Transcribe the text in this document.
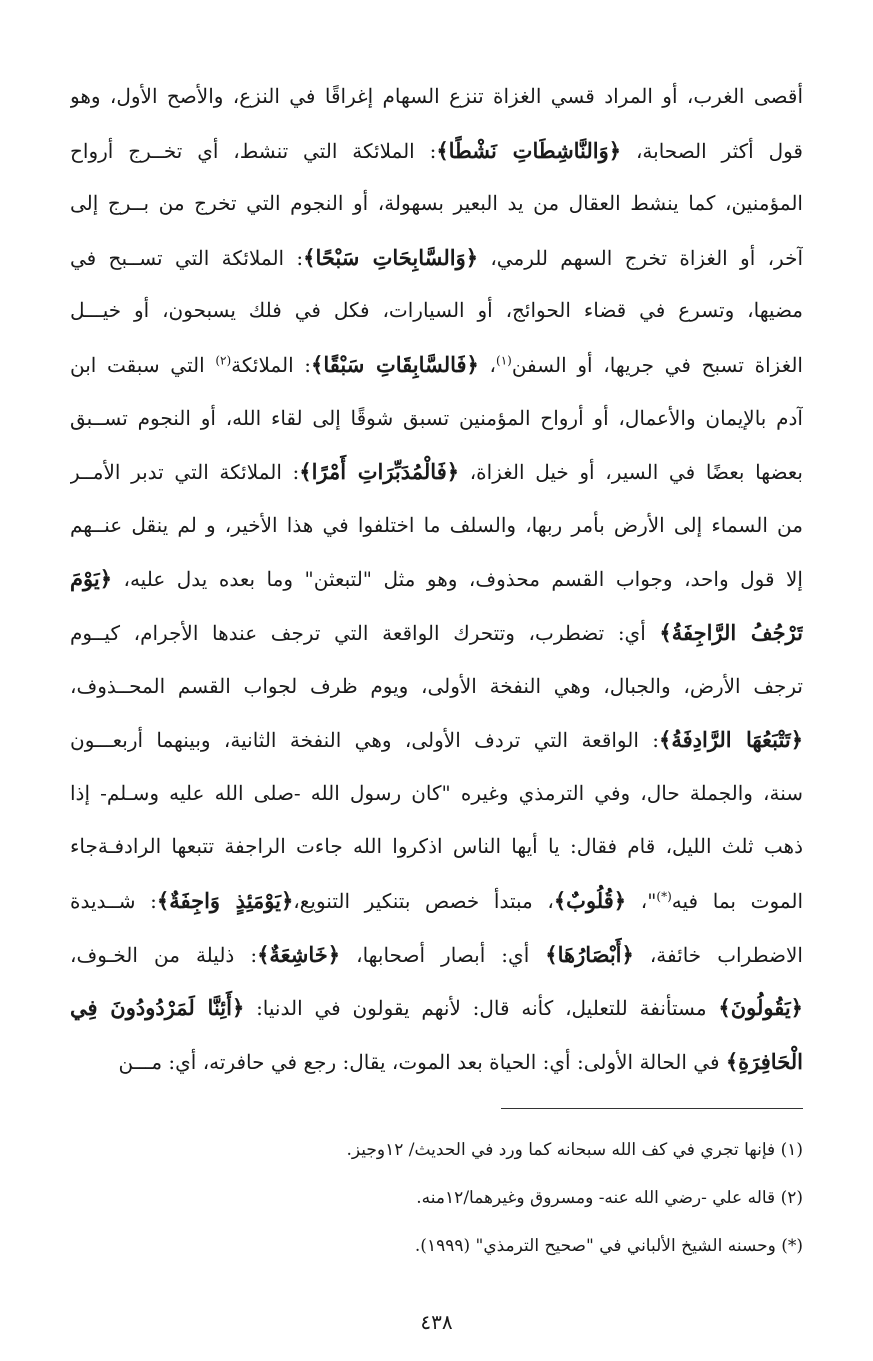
أقصى الغرب، أو المراد قسي الغزاة تنزع السهام إغراقًا في النزع، والأصح الأول، وهو
قول أكثر الصحابة، ﴿وَالنَّاشِطَاتِ نَشْطًا﴾: الملائكة التي تنشط، أي تخــرج أرواح
المؤمنين، كما ينشط العقال من يد البعير بسهولة، أو النجوم التي تخرج من بــرج إلى
آخر، أو الغزاة تخرج السهم للرمي، ﴿وَالسَّابِحَاتِ سَبْحًا﴾: الملائكة التي تســبح في
مضيها، وتسرع في قضاء الحوائج، أو السيارات، فكل في فلك يسبحون، أو خيـــل
الغزاة تسبح في جريها، أو السفن$^{(١)}$، ﴿فَالسَّابِقَاتِ سَبْقًا﴾: الملائكة$^{(٢)}$ التي سبقت ابن
آدم بالإيمان والأعمال، أو أرواح المؤمنين تسبق شوقًا إلى لقاء الله، أو النجوم تســبق
بعضها بعضًا في السير، أو خيل الغزاة، ﴿فَالْمُدَبِّرَاتِ أَمْرًا﴾: الملائكة التي تدبر الأمــر
من السماء إلى الأرض بأمر ربها، والسلف ما اختلفوا في هذا الأخير، و لم ينقل عنــهم
إلا قول واحد، وجواب القسم محذوف، وهو مثل "لتبعثن" وما بعده يدل عليه، ﴿يَوْمَ
تَرْجُفُ الرَّاجِفَةُ﴾ أي: تضطرب، وتتحرك الواقعة التي ترجف عندها الأجرام، كيــوم
ترجف الأرض، والجبال، وهي النفخة الأولى، ويوم ظرف لجواب القسم المحــذوف،
﴿تَتْبَعُهَا الرَّادِفَةُ﴾: الواقعة التي تردف الأولى، وهي النفخة الثانية، وبينهما أربعـــون
سنة، والجملة حال، وفي الترمذي وغيره "كان رسول الله -صلى الله عليه وسـلم- إذا
ذهب ثلث الليل، قام فقال: يا أيها الناس اذكروا الله جاءت الراجفة تتبعها الرادفـةجاء
الموت بما فيه(*)"، ﴿قُلُوبٌ﴾، مبتدأ خصص بتنكير التنويع،﴿يَوْمَئِذٍ وَاجِفَةٌ﴾: شــديدة
الاضطراب خائفة، ﴿أَبْصَارُهَا﴾ أي: أبصار أصحابها، ﴿خَاشِعَةٌ﴾: ذليلة من الخـوف،
﴿يَقُولُونَ﴾ مستأنفة للتعليل، كأنه قال: لأنهم يقولون في الدنيا: ﴿أَئِنَّا لَمَرْدُودُونَ فِي
الْحَافِرَةِ﴾ في الحالة الأولى: أي: الحياة بعد الموت، يقال: رجع في حافرته، أي: مـــن
(١) فإنها تجري في كف الله سبحانه كما ورد في الحديث/ ١٢وجيز.
(٢) قاله علي -رضي الله عنه- ومسروق وغيرهما/١٢منه.
(*) وحسنه الشيخ الألباني في "صحيح الترمذي" (١٩٩٩).
٤٣٨
